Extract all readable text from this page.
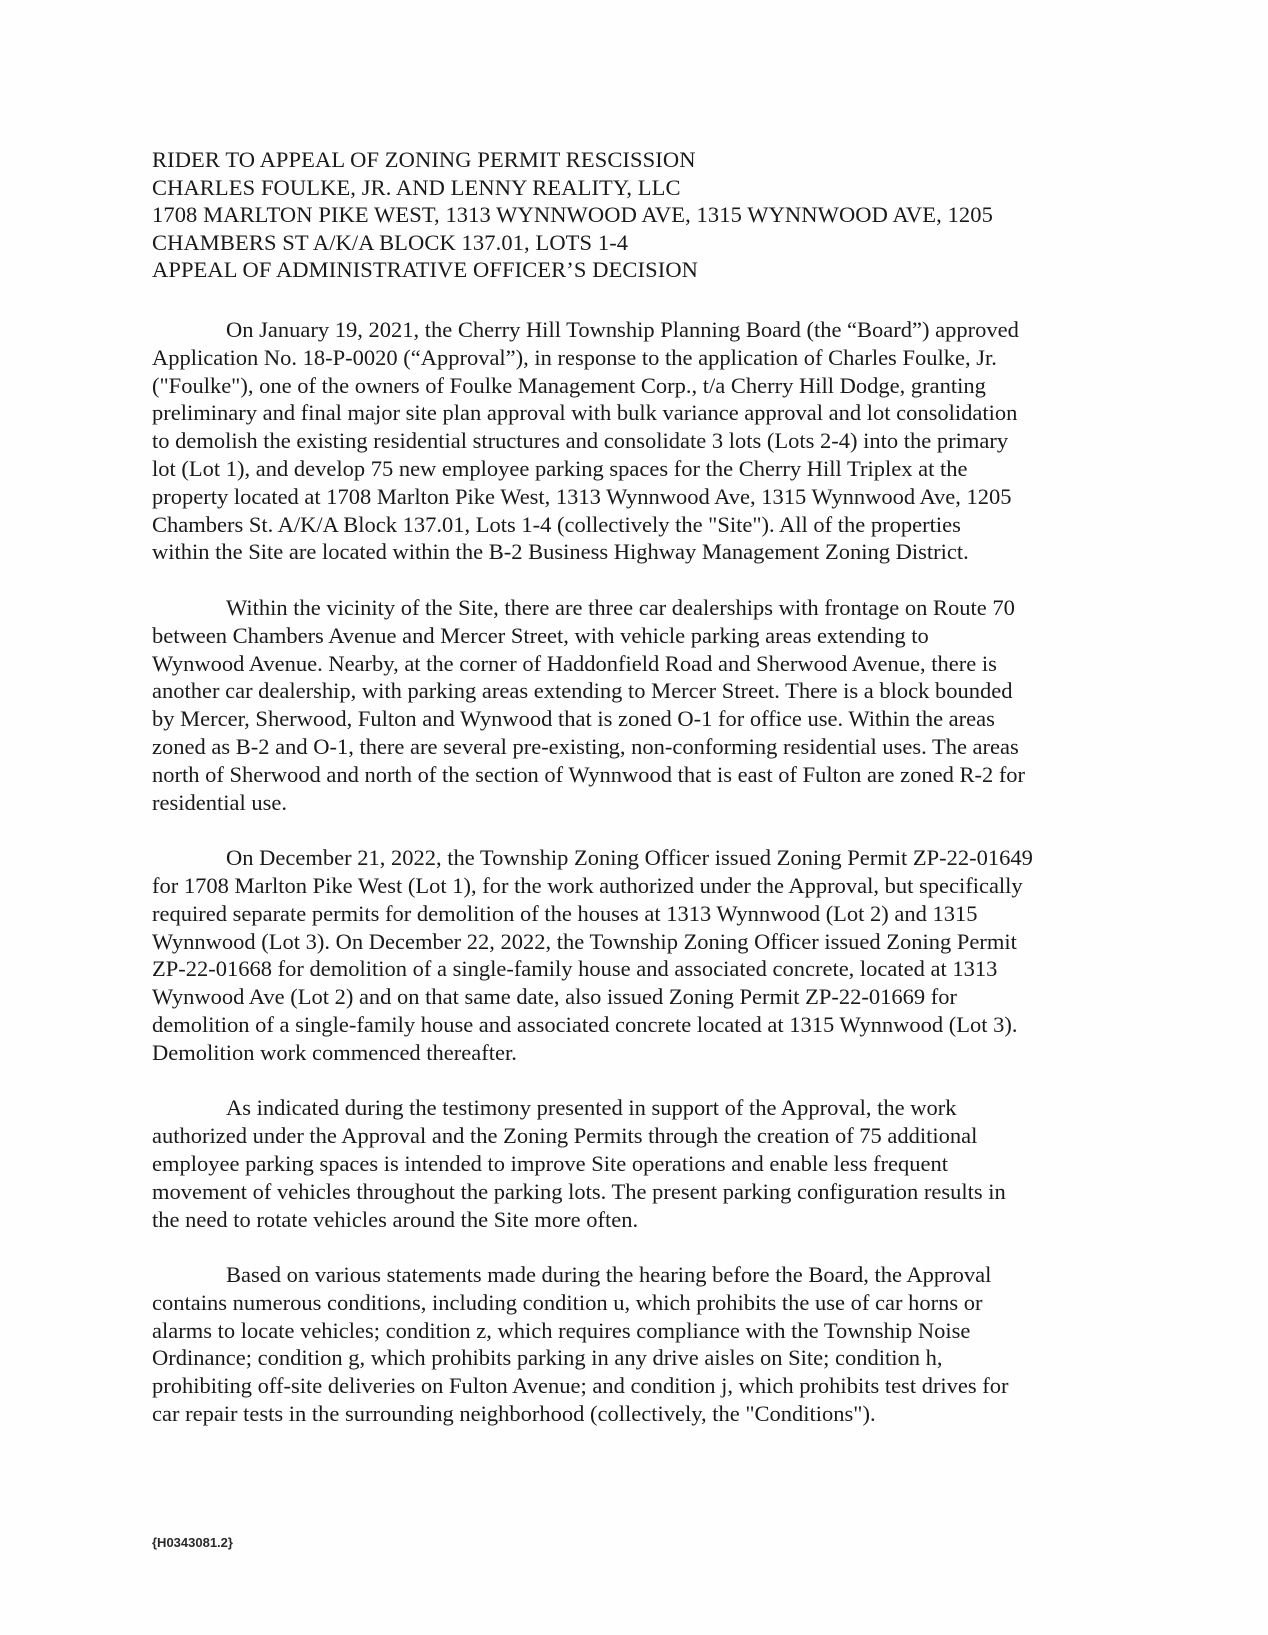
RIDER TO APPEAL OF ZONING PERMIT RESCISSION
CHARLES FOULKE, JR. AND LENNY REALITY, LLC
1708 MARLTON PIKE WEST, 1313 WYNNWOOD AVE, 1315 WYNNWOOD AVE, 1205
CHAMBERS ST A/K/A BLOCK 137.01, LOTS 1-4
APPEAL OF ADMINISTRATIVE OFFICER’S DECISION
On January 19, 2021, the Cherry Hill Township Planning Board (the “Board”) approved
Application No. 18-P-0020 (“Approval”), in response to the application of Charles Foulke, Jr.
("Foulke"), one of the owners of Foulke Management Corp., t/a Cherry Hill Dodge, granting
preliminary and final major site plan approval with bulk variance approval and lot consolidation
to demolish the existing residential structures and consolidate 3 lots (Lots 2-4) into the primary
lot (Lot 1), and develop 75 new employee parking spaces for the Cherry Hill Triplex at the
property located at 1708 Marlton Pike West, 1313 Wynnwood Ave, 1315 Wynnwood Ave, 1205
Chambers St. A/K/A Block 137.01, Lots 1-4 (collectively the "Site"). All of the properties
within the Site are located within the B-2 Business Highway Management Zoning District.
Within the vicinity of the Site, there are three car dealerships with frontage on Route 70
between Chambers Avenue and Mercer Street, with vehicle parking areas extending to
Wynwood Avenue. Nearby, at the corner of Haddonfield Road and Sherwood Avenue, there is
another car dealership, with parking areas extending to Mercer Street. There is a block bounded
by Mercer, Sherwood, Fulton and Wynwood that is zoned O-1 for office use. Within the areas
zoned as B-2 and O-1, there are several pre-existing, non-conforming residential uses. The areas
north of Sherwood and north of the section of Wynnwood that is east of Fulton are zoned R-2 for
residential use.
On December 21, 2022, the Township Zoning Officer issued Zoning Permit ZP-22-01649
for 1708 Marlton Pike West (Lot 1), for the work authorized under the Approval, but specifically
required separate permits for demolition of the houses at 1313 Wynnwood (Lot 2) and 1315
Wynnwood (Lot 3). On December 22, 2022, the Township Zoning Officer issued Zoning Permit
ZP-22-01668 for demolition of a single-family house and associated concrete, located at 1313
Wynwood Ave (Lot 2) and on that same date, also issued Zoning Permit ZP-22-01669 for
demolition of a single-family house and associated concrete located at 1315 Wynnwood (Lot 3).
Demolition work commenced thereafter.
As indicated during the testimony presented in support of the Approval, the work
authorized under the Approval and the Zoning Permits through the creation of 75 additional
employee parking spaces is intended to improve Site operations and enable less frequent
movement of vehicles throughout the parking lots. The present parking configuration results in
the need to rotate vehicles around the Site more often.
Based on various statements made during the hearing before the Board, the Approval
contains numerous conditions, including condition u, which prohibits the use of car horns or
alarms to locate vehicles; condition z, which requires compliance with the Township Noise
Ordinance; condition g, which prohibits parking in any drive aisles on Site; condition h,
prohibiting off-site deliveries on Fulton Avenue; and condition j, which prohibits test drives for
car repair tests in the surrounding neighborhood (collectively, the "Conditions").
{H0343081.2}
